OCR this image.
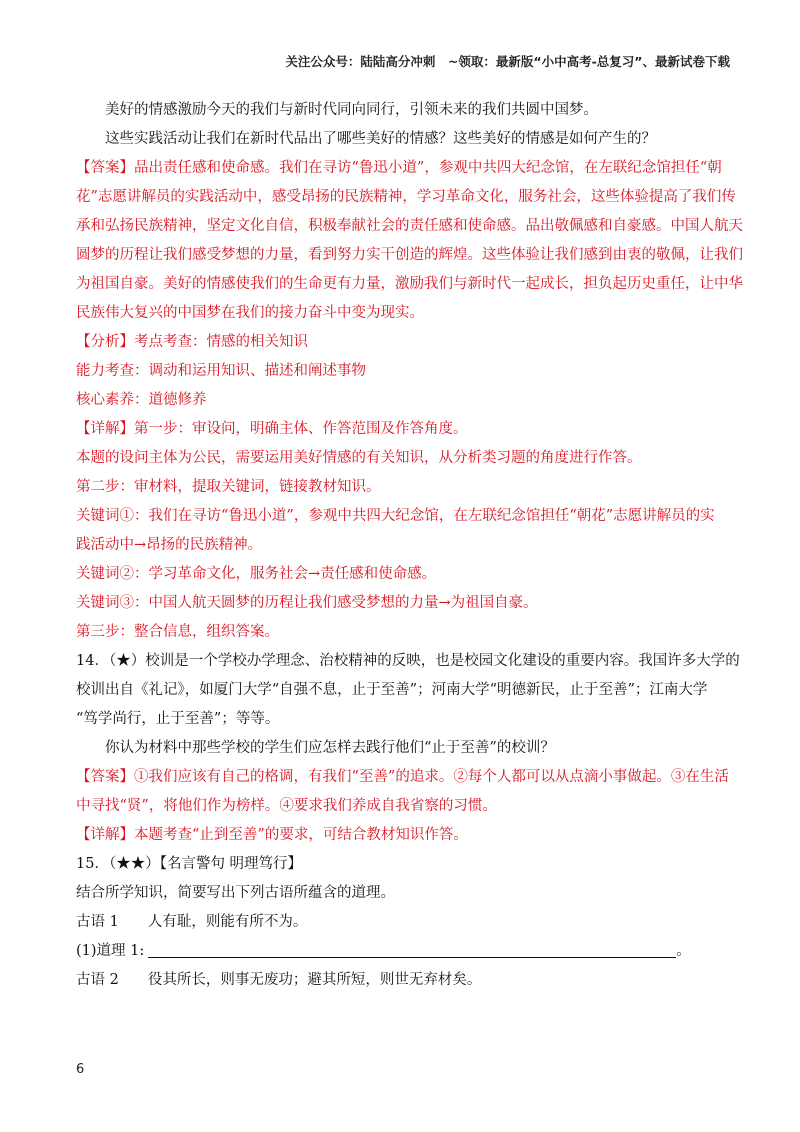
关注公众号：陆陆高分冲刺　~领取：最新版“小中高考-总复习”、最新试卷下载

美好的情感激励今天的我们与新时代同向同行，引领未来的我们共圆中国梦。

这些实践活动让我们在新时代品出了哪些美好的情感？这些美好的情感是如何产生的？

【答案】品出责任感和使命感。我们在寻访“鲁迅小道”，参观中共四大纪念馆，在左联纪念馆担任“朝

花”志愿讲解员的实践活动中，感受昂扬的民族精神，学习革命文化，服务社会，这些体验提高了我们传

承和弘扬民族精神，坚定文化自信，积极奉献社会的责任感和使命感。品出敬佩感和自豪感。中国人航天

圆梦的历程让我们感受梦想的力量，看到努力实干创造的辉煌。这些体验让我们感到由衷的敬佩，让我们

为祖国自豪。美好的情感使我们的生命更有力量，激励我们与新时代一起成长，担负起历史重任，让中华

民族伟大复兴的中国梦在我们的接力奋斗中变为现实。

【分析】考点考查：情感的相关知识

能力考查：调动和运用知识、描述和阐述事物

核心素养：道德修养

【详解】第一步：审设问，明确主体、作答范围及作答角度。

本题的设问主体为公民，需要运用美好情感的有关知识，从分析类习题的角度进行作答。

第二步：审材料，提取关键词，链接教材知识。

关键词①：我们在寻访“鲁迅小道”，参观中共四大纪念馆，在左联纪念馆担任“朝花”志愿讲解员的实

践活动中→昂扬的民族精神。

关键词②：学习革命文化，服务社会→责任感和使命感。

关键词③：中国人航天圆梦的历程让我们感受梦想的力量→为祖国自豪。

第三步：整合信息，组织答案。

14．（★）校训是一个学校办学理念、治校精神的反映，也是校园文化建设的重要内容。我国许多大学的

校训出自《礼记》，如厦门大学“自强不息，止于至善”；河南大学“明德新民，止于至善”；江南大学

“笃学尚行，止于至善”；等等。

你认为材料中那些学校的学生们应怎样去践行他们“止于至善”的校训？

【答案】①我们应该有自己的格调，有我们“至善”的追求。②每个人都可以从点滴小事做起。③在生活

中寻找“贤”，将他们作为榜样。④要求我们养成自我省察的习惯。

【详解】本题考查“止到至善”的要求，可结合教材知识作答。

15．（★★）【名言警句 明理笃行】

结合所学知识，简要写出下列古语所蕴含的道理。

古语 1　　人有耻，则能有所不为。

(1)道理 1:	。

古语 2　　役其所长，则事无废功；避其所短，则世无弃材矣。

6
